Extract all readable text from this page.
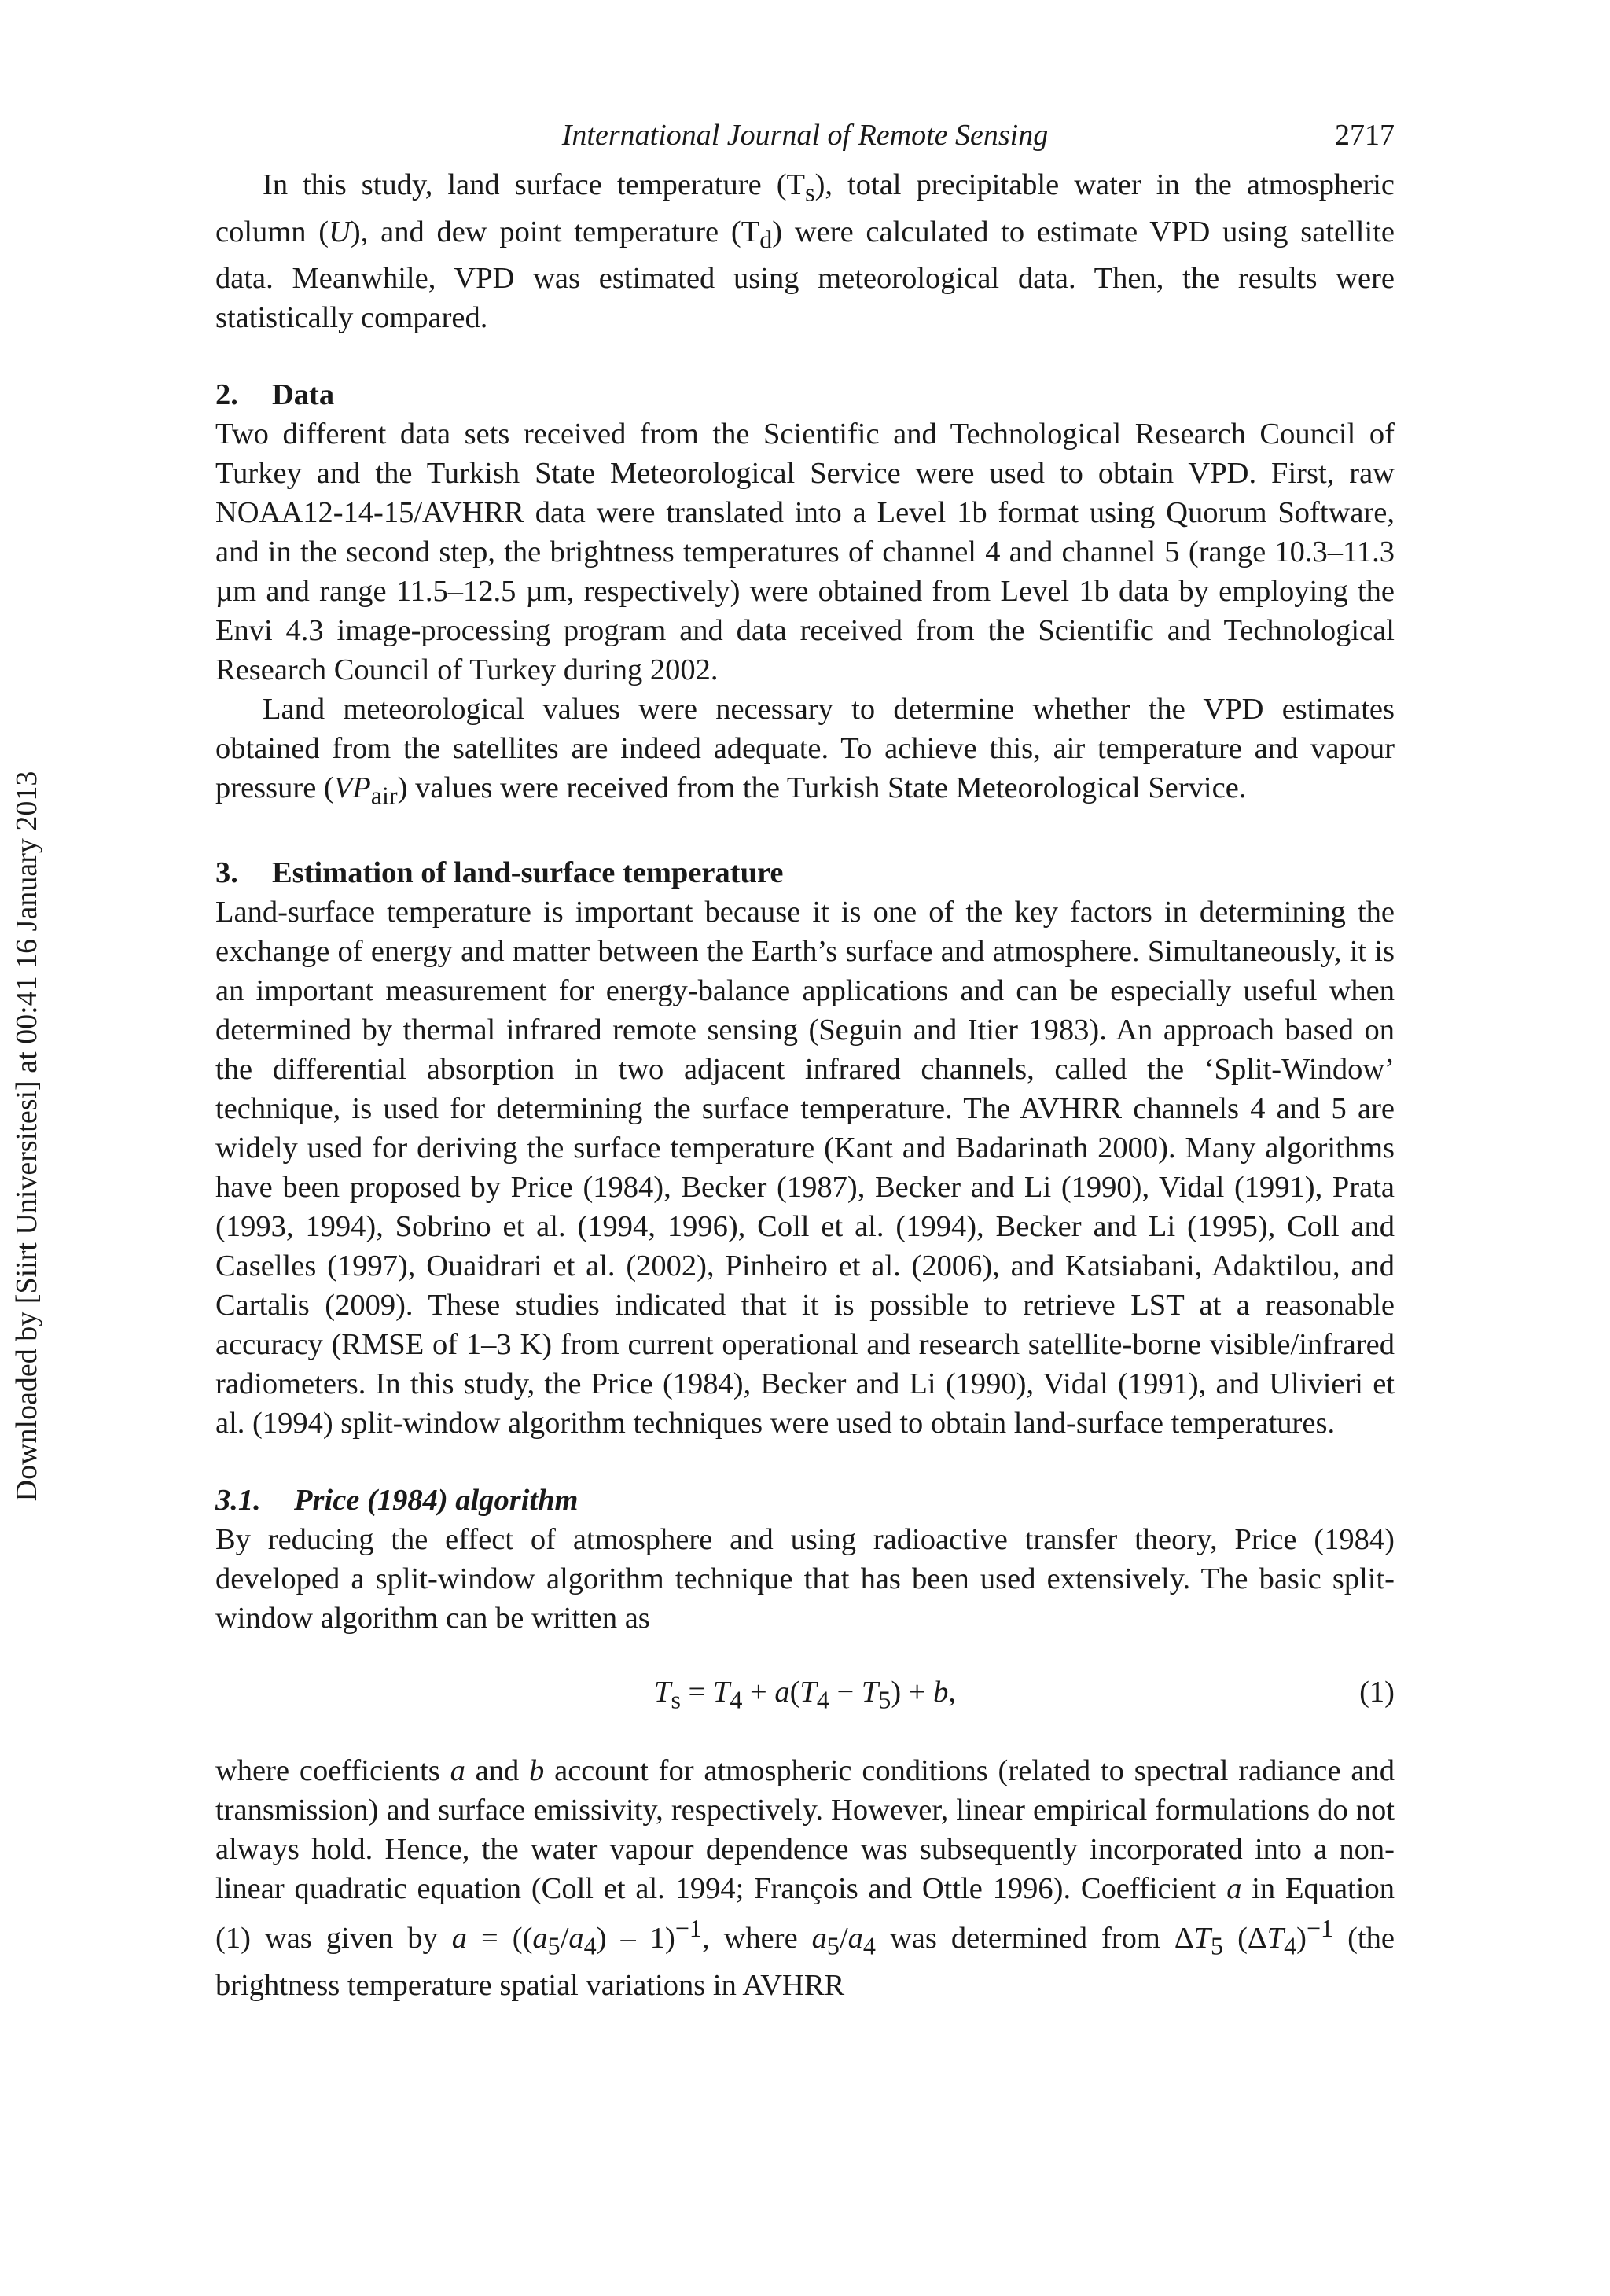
Downloaded by [Siirt Universitesi] at 00:41 16 January 2013
International Journal of Remote Sensing	2717

In this study, land surface temperature $(T_s)$, total precipitable water in the atmospheric column (U), and dew point temperature $(T_d)$ were calculated to estimate VPD using satellite data. Meanwhile, VPD was estimated using meteorological data. Then, the results were statistically compared.

2. Data

Two different data sets received from the Scientific and Technological Research Council of Turkey and the Turkish State Meteorological Service were used to obtain VPD. First, raw NOAA12-14-15/AVHRR data were translated into a Level 1b format using Quorum Software, and in the second step, the brightness temperatures of channel 4 and channel 5 (range 10.3–11.3 µm and range 11.5–12.5 µm, respectively) were obtained from Level 1b data by employing the Envi 4.3 image-processing program and data received from the Scientific and Technological Research Council of Turkey during 2002.

Land meteorological values were necessary to determine whether the VPD estimates obtained from the satellites are indeed adequate. To achieve this, air temperature and vapour pressure $(VP_{air})$ values were received from the Turkish State Meteorological Service.

3. Estimation of land-surface temperature

Land-surface temperature is important because it is one of the key factors in determining the exchange of energy and matter between the Earth’s surface and atmosphere. Simultaneously, it is an important measurement for energy-balance applications and can be especially useful when determined by thermal infrared remote sensing (Seguin and Itier 1983). An approach based on the differential absorption in two adjacent infrared channels, called the ‘Split-Window’ technique, is used for determining the surface temperature. The AVHRR channels 4 and 5 are widely used for deriving the surface temperature (Kant and Badarinath 2000). Many algorithms have been proposed by Price (1984), Becker (1987), Becker and Li (1990), Vidal (1991), Prata (1993, 1994), Sobrino et al. (1994, 1996), Coll et al. (1994), Becker and Li (1995), Coll and Caselles (1997), Ouaidrari et al. (2002), Pinheiro et al. (2006), and Katsiabani, Adaktilou, and Cartalis (2009). These studies indicated that it is possible to retrieve LST at a reasonable accuracy (RMSE of 1–3 K) from current operational and research satellite-borne visible/infrared radiometers. In this study, the Price (1984), Becker and Li (1990), Vidal (1991), and Ulivieri et al. (1994) split-window algorithm techniques were used to obtain land-surface temperatures.

3.1. Price (1984) algorithm

By reducing the effect of atmosphere and using radioactive transfer theory, Price (1984) developed a split-window algorithm technique that has been used extensively. The basic split-window algorithm can be written as

$T_s = T_4 + a(T_4 - T_5) + b$,	(1)

where coefficients a and b account for atmospheric conditions (related to spectral radiance and transmission) and surface emissivity, respectively. However, linear empirical formulations do not always hold. Hence, the water vapour dependence was subsequently incorporated into a non-linear quadratic equation (Coll et al. 1994; François and Ottle 1996). Coefficient a in Equation (1) was given by $a = ((a_5/a_4) - 1)^{-1}$, where $a_5/a_4$ was determined from $\Delta T_5$ $(\Delta T_4)^{-1}$ (the brightness temperature spatial variations in AVHRR
